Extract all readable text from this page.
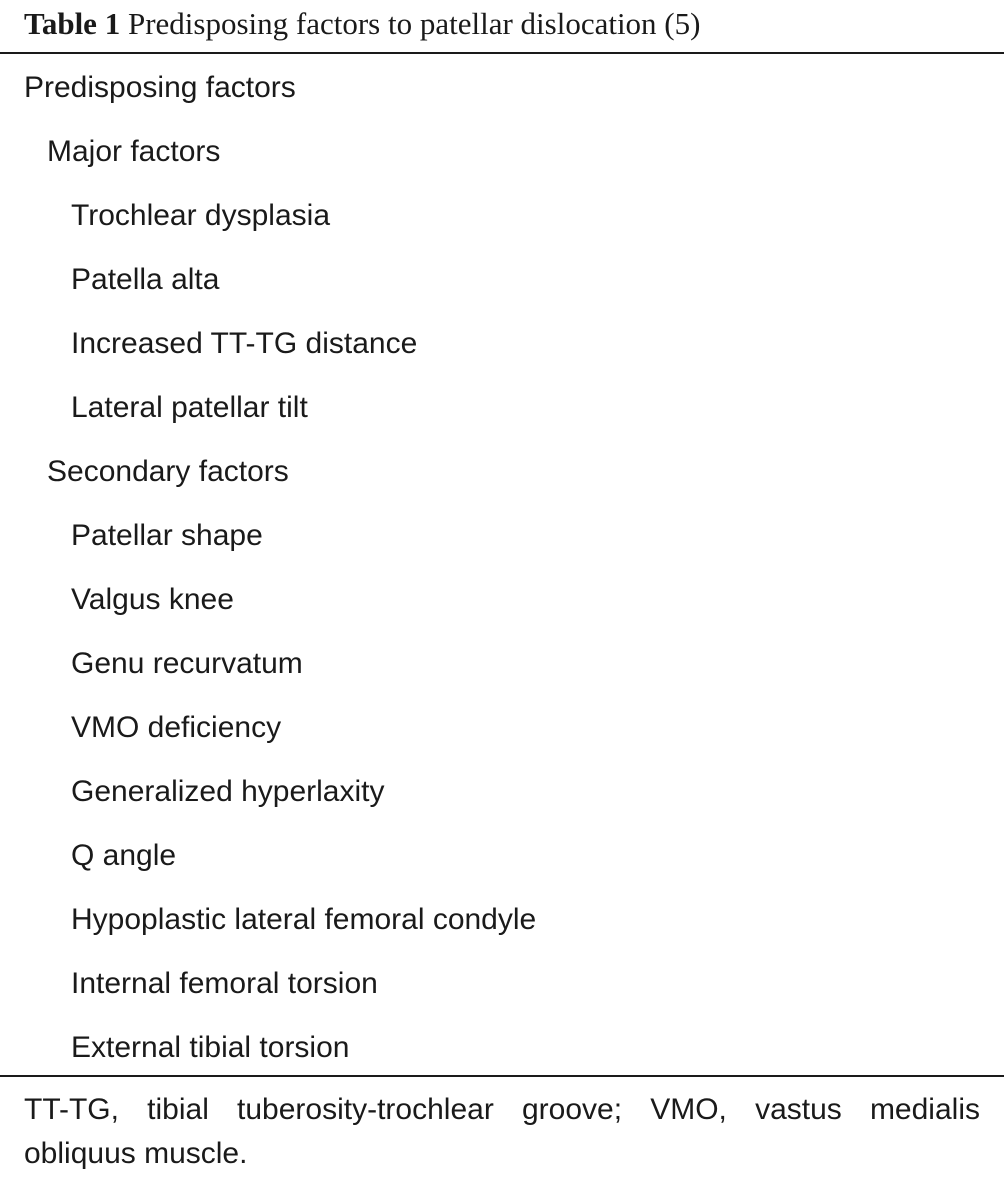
Table 1 Predisposing factors to patellar dislocation (5)
Predisposing factors
Major factors
Trochlear dysplasia
Patella alta
Increased TT-TG distance
Lateral patellar tilt
Secondary factors
Patellar shape
Valgus knee
Genu recurvatum
VMO deficiency
Generalized hyperlaxity
Q angle
Hypoplastic lateral femoral condyle
Internal femoral torsion
External tibial torsion
TT-TG, tibial tuberosity-trochlear groove; VMO, vastus medialis obliquus muscle.
